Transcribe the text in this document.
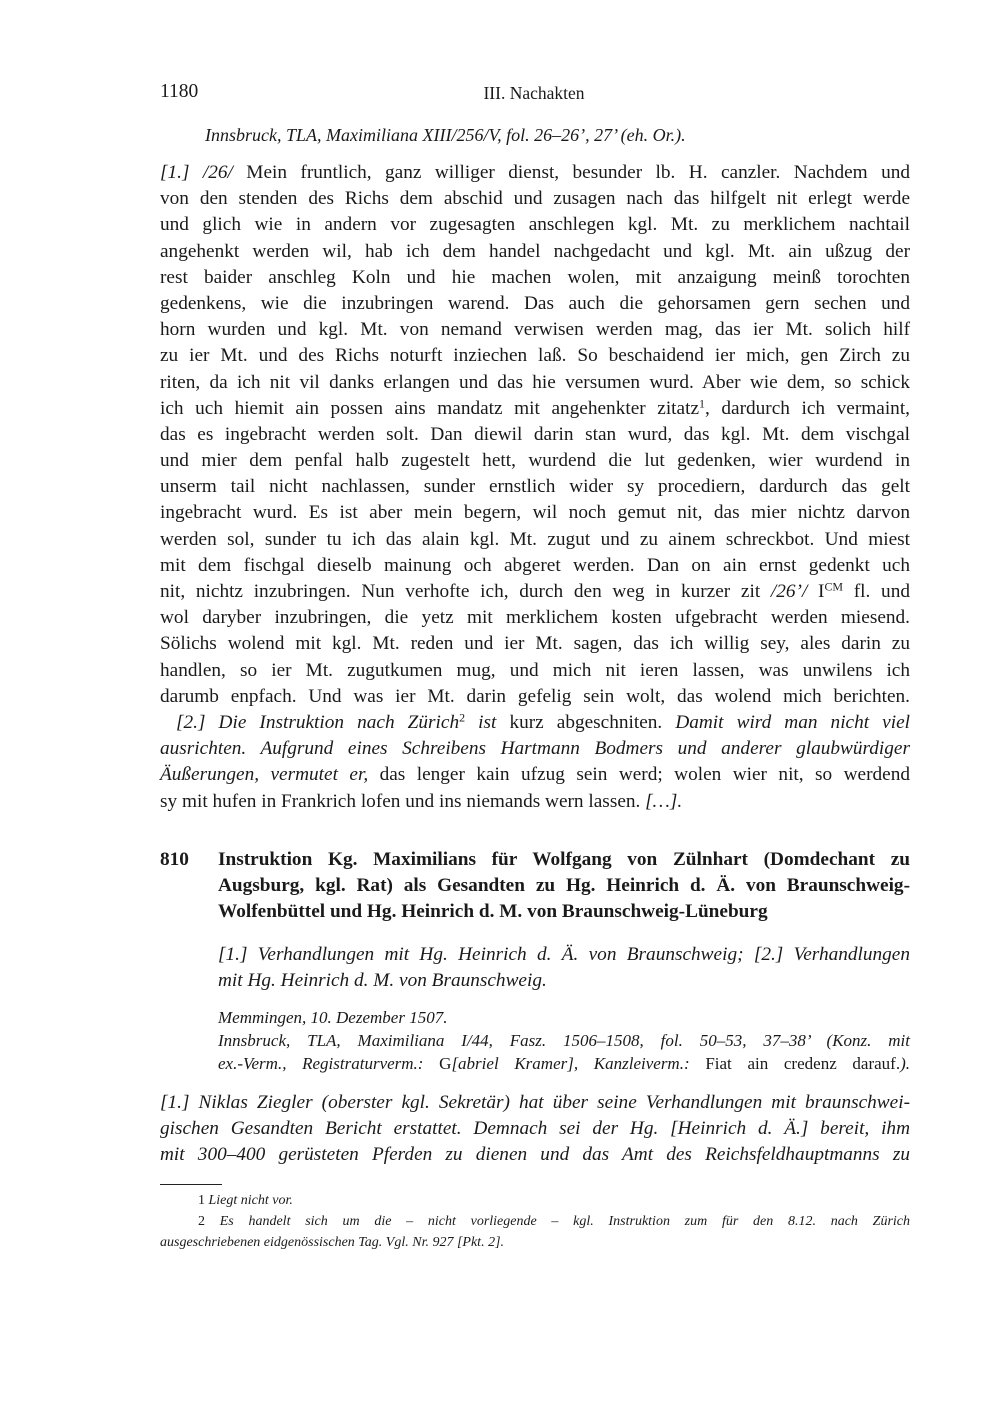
1180	III. Nachakten
Innsbruck, TLA, Maximiliana XIII/256/V, fol. 26–26’, 27’ (eh. Or.).
[1.] /26/ Mein fruntlich, ganz williger dienst, besunder lb. H. canzler. Nachdem und
von den stenden des Richs dem abschid und zusagen nach das hilfgelt nit erlegt werde
und glich wie in andern vor zugesagten anschlegen kgl. Mt. zu merklichem nachtail
angehenkt werden wil, hab ich dem handel nachgedacht und kgl. Mt. ain ußzug der
rest baider anschleg Koln und hie machen wolen, mit anzaigung meinß torochten
gedenkens, wie die inzubringen warend. Das auch die gehorsamen gern sechen und
horn wurden und kgl. Mt. von nemand verwisen werden mag, das ier Mt. solich hilf
zu ier Mt. und des Richs noturft inziechen laß. So beschaidend ier mich, gen Zirch zu
riten, da ich nit vil danks erlangen und das hie versumen wurd. Aber wie dem, so schick
ich uch hiemit ain possen ains mandatz mit angehenkter zitatz$^1$, dardurch ich vermaint,
das es ingebracht werden solt. Dan diewil darin stan wurd, das kgl. Mt. dem vischgal
und mier dem penfal halb zugestelt hett, wurdend die lut gedenken, wier wurdend in
unserm tail nicht nachlassen, sunder ernstlich wider sy procediern, dardurch das gelt
ingebracht wurd. Es ist aber mein begern, wil noch gemut nit, das mier nichtz darvon
werden sol, sunder tu ich das alain kgl. Mt. zugut und zu ainem schreckbot. Und miest
mit dem fischgal dieselb mainung och abgeret werden. Dan on ain ernst gedenkt uch
nit, nichtz inzubringen. Nun verhofte ich, durch den weg in kurzer zit /26’/ $I^{CM}$ fl. und
wol daryber inzubringen, die yetz mit merklichem kosten ufgebracht werden miesend.
Sölichs wolend mit kgl. Mt. reden und ier Mt. sagen, das ich willig sey, ales darin zu
handlen, so ier Mt. zugutkumen mug, und mich nit ieren lassen, was unwilens ich
darumb enpfach. Und was ier Mt. darin gefelig sein wolt, das wolend mich berichten.
[2.] Die Instruktion nach Zürich$^2$ ist kurz abgeschniten. Damit wird man nicht viel
ausrichten. Aufgrund eines Schreibens Hartmann Bodmers und anderer glaubwürdiger
Äußerungen, vermutet er, das lenger kain ufzug sein werd; wolen wier nit, so werdend
sy mit hufen in Frankrich lofen und ins niemands wern lassen. […].
810 Instruktion Kg. Maximilians für Wolfgang von Zülnhart (Domdechant zu
Augsburg, kgl. Rat) als Gesandten zu Hg. Heinrich d. Ä. von Braunschweig-
Wolfenbüttel und Hg. Heinrich d. M. von Braunschweig-Lüneburg
[1.] Verhandlungen mit Hg. Heinrich d. Ä. von Braunschweig; [2.] Verhandlungen
mit Hg. Heinrich d. M. von Braunschweig.
Memmingen, 10. Dezember 1507.
Innsbruck, TLA, Maximiliana I/44, Fasz. 1506–1508, fol. 50–53, 37–38’ (Konz. mit
ex.-Verm., Registraturverm.: G[abriel Kramer], Kanzleiverm.: Fiat ain credenz darauf.).
[1.] Niklas Ziegler (oberster kgl. Sekretär) hat über seine Verhandlungen mit braunschwei-
gischen Gesandten Bericht erstattet. Demnach sei der Hg. [Heinrich d. Ä.] bereit, ihm
mit 300–400 gerüsteten Pferden zu dienen und das Amt des Reichsfeldhauptmanns zu
1 Liegt nicht vor.
2 Es handelt sich um die – nicht vorliegende – kgl. Instruktion zum für den 8.12. nach Zürich
ausgeschriebenen eidgenössischen Tag. Vgl. Nr. 927 [Pkt. 2].
